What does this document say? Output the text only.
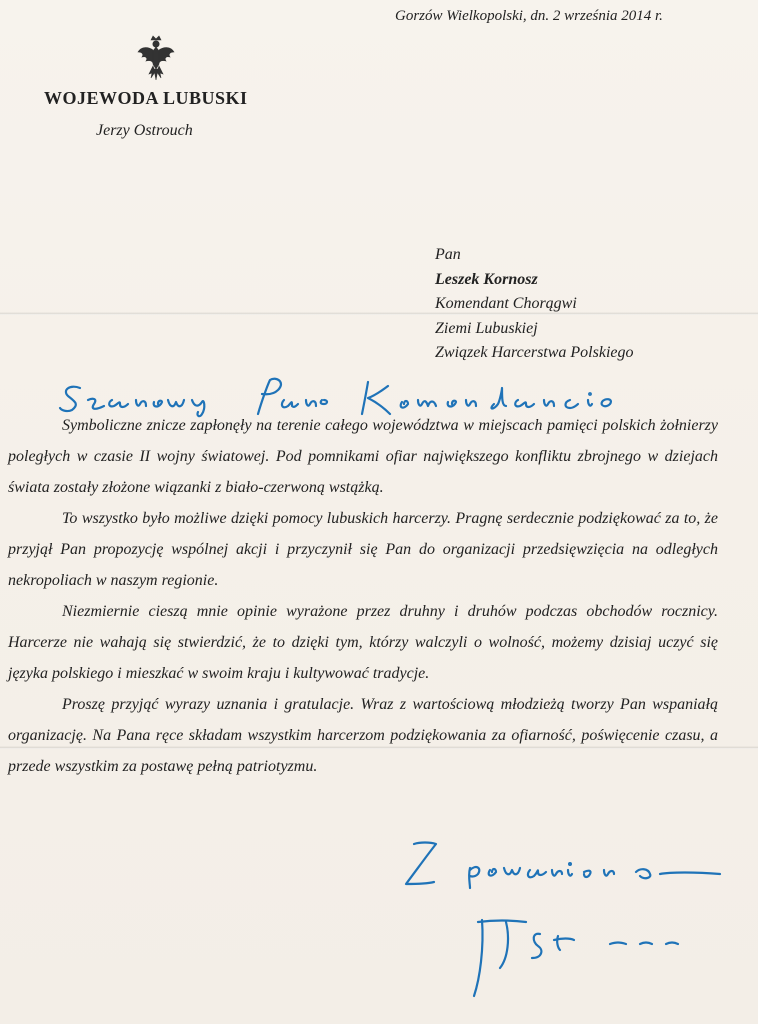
Gorzów Wielkopolski, dn. 2 września 2014 r.
WOJEWODA LUBUSKI
Jerzy Ostrouch
Pan
Leszek Kornosz
Komendant Chorągwi
Ziemi Lubuskiej
Związek Harcerstwa Polskiego

Symboliczne znicze zapłonęły na terenie całego województwa w miejscach pamięci polskich żołnierzy poległych w czasie II wojny światowej. Pod pomnikami ofiar największego konfliktu zbrojnego w dziejach świata zostały złożone wiązanki z biało-czerwoną wstążką.

To wszystko było możliwe dzięki pomocy lubuskich harcerzy. Pragnę serdecznie podziękować za to, że przyjął Pan propozycję wspólnej akcji i przyczynił się Pan do organizacji przedsięwzięcia na odległych nekropoliach w naszym regionie.

Niezmiernie cieszą mnie opinie wyrażone przez druhny i druhów podczas obchodów rocznicy. Harcerze nie wahają się stwierdzić, że to dzięki tym, którzy walczyli o wolność, możemy dzisiaj uczyć się języka polskiego i mieszkać w swoim kraju i kultywować tradycje.

Proszę przyjąć wyrazy uznania i gratulacje. Wraz z wartościową młodzieżą tworzy Pan wspaniałą organizację. Na Pana ręce składam wszystkim harcerzom podziękowania za ofiarność, poświęcenie czasu, a przede wszystkim za postawę pełną patriotyzmu.
